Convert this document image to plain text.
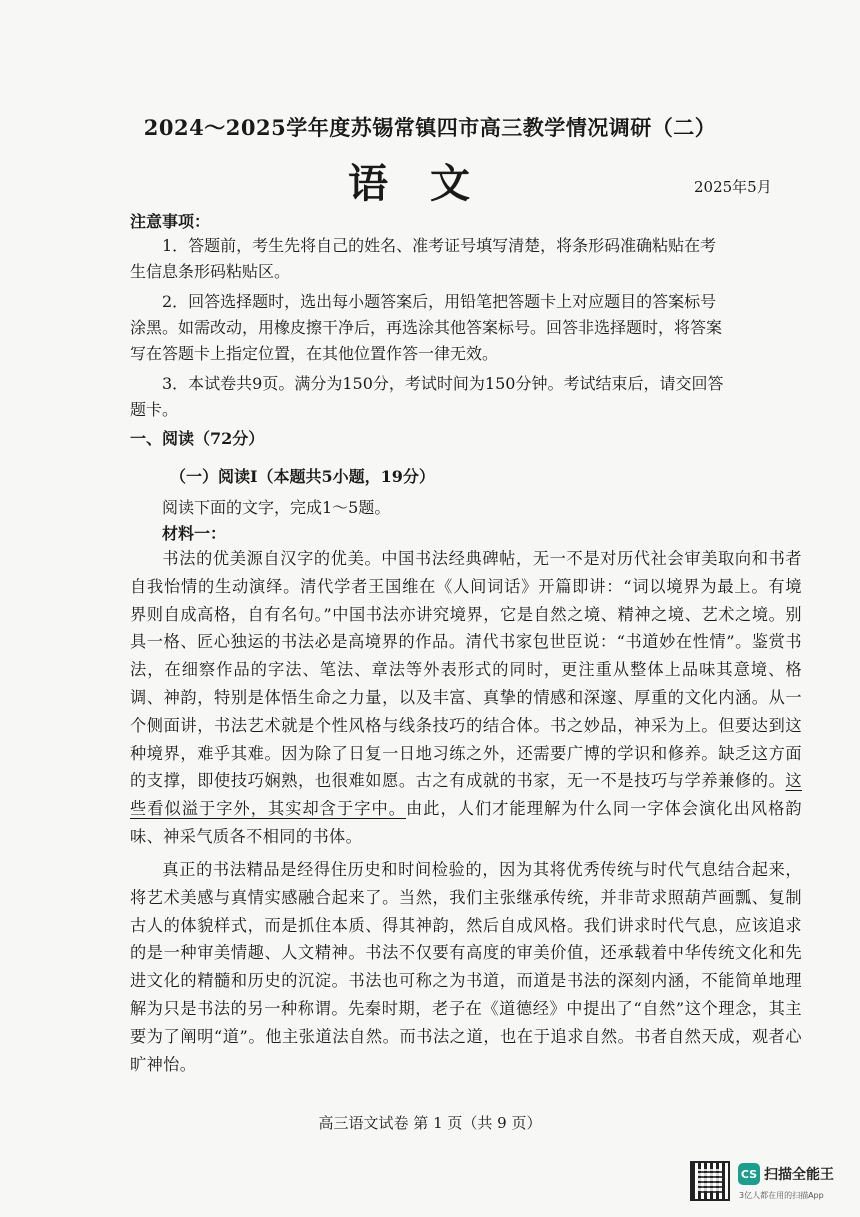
2024～2025学年度苏锡常镇四市高三教学情况调研（二）
语文	2025年5月
注意事项：
1．答题前，考生先将自己的姓名、准考证号填写清楚，将条形码准确粘贴在考生信息条形码粘贴区。
2．回答选择题时，选出每小题答案后，用铅笔把答题卡上对应题目的答案标号涂黑。如需改动，用橡皮擦干净后，再选涂其他答案标号。回答非选择题时，将答案写在答题卡上指定位置，在其他位置作答一律无效。
3．本试卷共9页。满分为150分，考试时间为150分钟。考试结束后，请交回答题卡。
一、阅读（72分）
（一）阅读Ⅰ（本题共5小题，19分）
阅读下面的文字，完成1～5题。
材料一：
书法的优美源自汉字的优美。中国书法经典碑帖，无一不是对历代社会审美取向和书者自我怡情的生动演绎。清代学者王国维在《人间词话》开篇即讲：“词以境界为最上。有境界则自成高格，自有名句。”中国书法亦讲究境界，它是自然之境、精神之境、艺术之境。别具一格、匠心独运的书法必是高境界的作品。清代书家包世臣说：“书道妙在性情”。鉴赏书法，在细察作品的字法、笔法、章法等外表形式的同时，更注重从整体上品味其意境、格调、神韵，特别是体悟生命之力量，以及丰富、真挚的情感和深邃、厚重的文化内涵。从一个侧面讲，书法艺术就是个性风格与线条技巧的结合体。书之妙品，神采为上。但要达到这种境界，难乎其难。因为除了日复一日地习练之外，还需要广博的学识和修养。缺乏这方面的支撑，即使技巧娴熟，也很难如愿。古之有成就的书家，无一不是技巧与学养兼修的。这些看似溢于字外，其实却含于字中。由此，人们才能理解为什么同一字体会演化出风格韵味、神采气质各不相同的书体。
真正的书法精品是经得住历史和时间检验的，因为其将优秀传统与时代气息结合起来，将艺术美感与真情实感融合起来了。当然，我们主张继承传统，并非苛求照葫芦画瓢、复制古人的体貌样式，而是抓住本质、得其神韵，然后自成风格。我们讲求时代气息，应该追求的是一种审美情趣、人文精神。书法不仅要有高度的审美价值，还承载着中华传统文化和先进文化的精髓和历史的沉淀。书法也可称之为书道，而道是书法的深刻内涵，不能简单地理解为只是书法的另一种称谓。先秦时期，老子在《道德经》中提出了“自然”这个理念，其主要为了阐明“道”。他主张道法自然。而书法之道，也在于追求自然。书者自然天成，观者心旷神怡。
高三语文试卷 第 1 页（共 9 页）
CS 扫描全能王
3亿人都在用的扫描App
